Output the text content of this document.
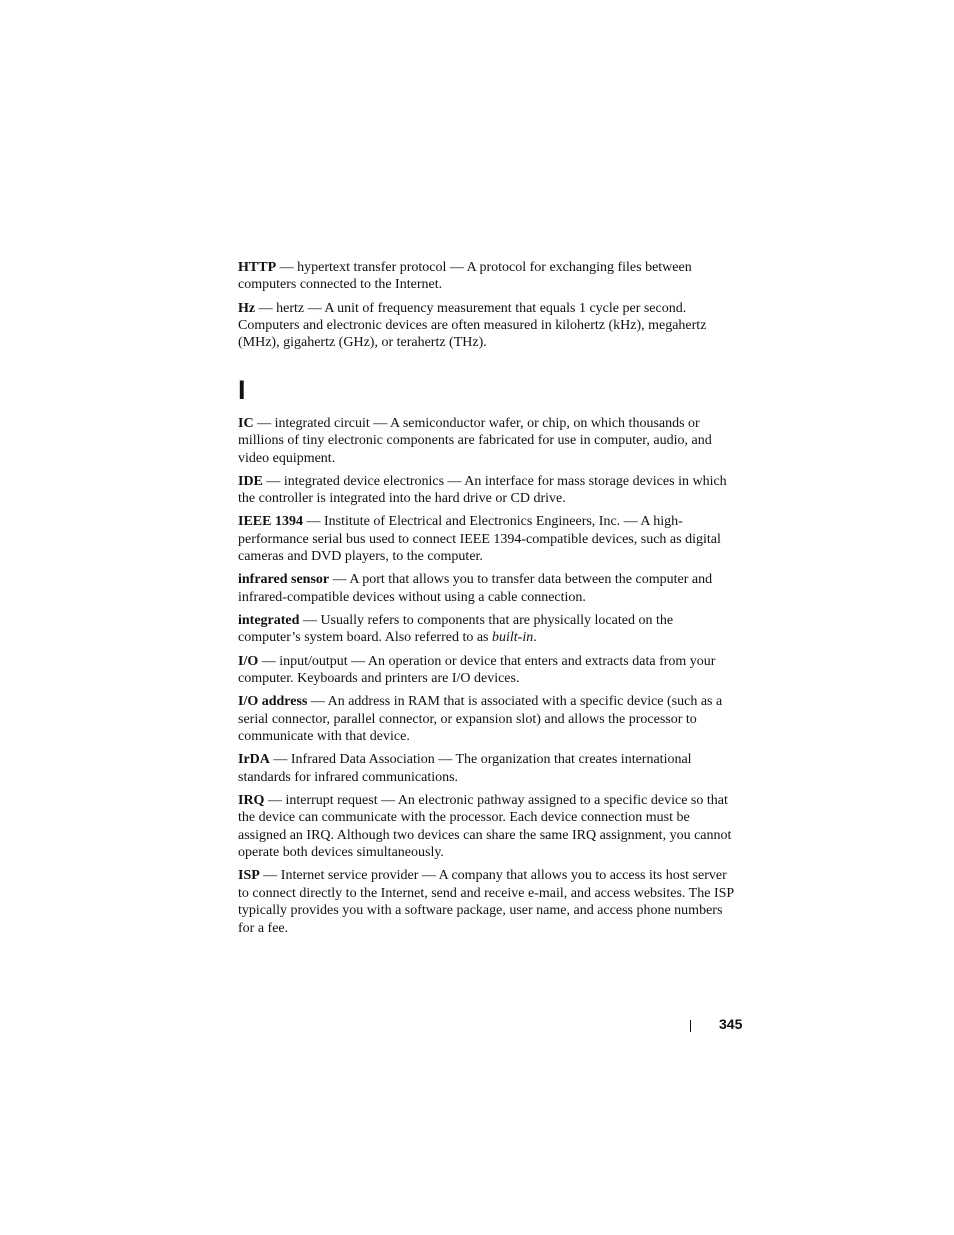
HTTP — hypertext transfer protocol — A protocol for exchanging files between computers connected to the Internet.

Hz — hertz — A unit of frequency measurement that equals 1 cycle per second. Computers and electronic devices are often measured in kilohertz (kHz), megahertz (MHz), gigahertz (GHz), or terahertz (THz).

I

IC — integrated circuit — A semiconductor wafer, or chip, on which thousands or millions of tiny electronic components are fabricated for use in computer, audio, and video equipment.

IDE — integrated device electronics — An interface for mass storage devices in which the controller is integrated into the hard drive or CD drive.

IEEE 1394 — Institute of Electrical and Electronics Engineers, Inc. — A high-performance serial bus used to connect IEEE 1394-compatible devices, such as digital cameras and DVD players, to the computer.

infrared sensor — A port that allows you to transfer data between the computer and infrared-compatible devices without using a cable connection.

integrated — Usually refers to components that are physically located on the computer’s system board. Also referred to as built-in.

I/O — input/output — An operation or device that enters and extracts data from your computer. Keyboards and printers are I/O devices.

I/O address — An address in RAM that is associated with a specific device (such as a serial connector, parallel connector, or expansion slot) and allows the processor to communicate with that device.

IrDA — Infrared Data Association — The organization that creates international standards for infrared communications.

IRQ — interrupt request — An electronic pathway assigned to a specific device so that the device can communicate with the processor. Each device connection must be assigned an IRQ. Although two devices can share the same IRQ assignment, you cannot operate both devices simultaneously.

ISP — Internet service provider — A company that allows you to access its host server to connect directly to the Internet, send and receive e-mail, and access websites. The ISP typically provides you with a software package, user name, and access phone numbers for a fee.

345
